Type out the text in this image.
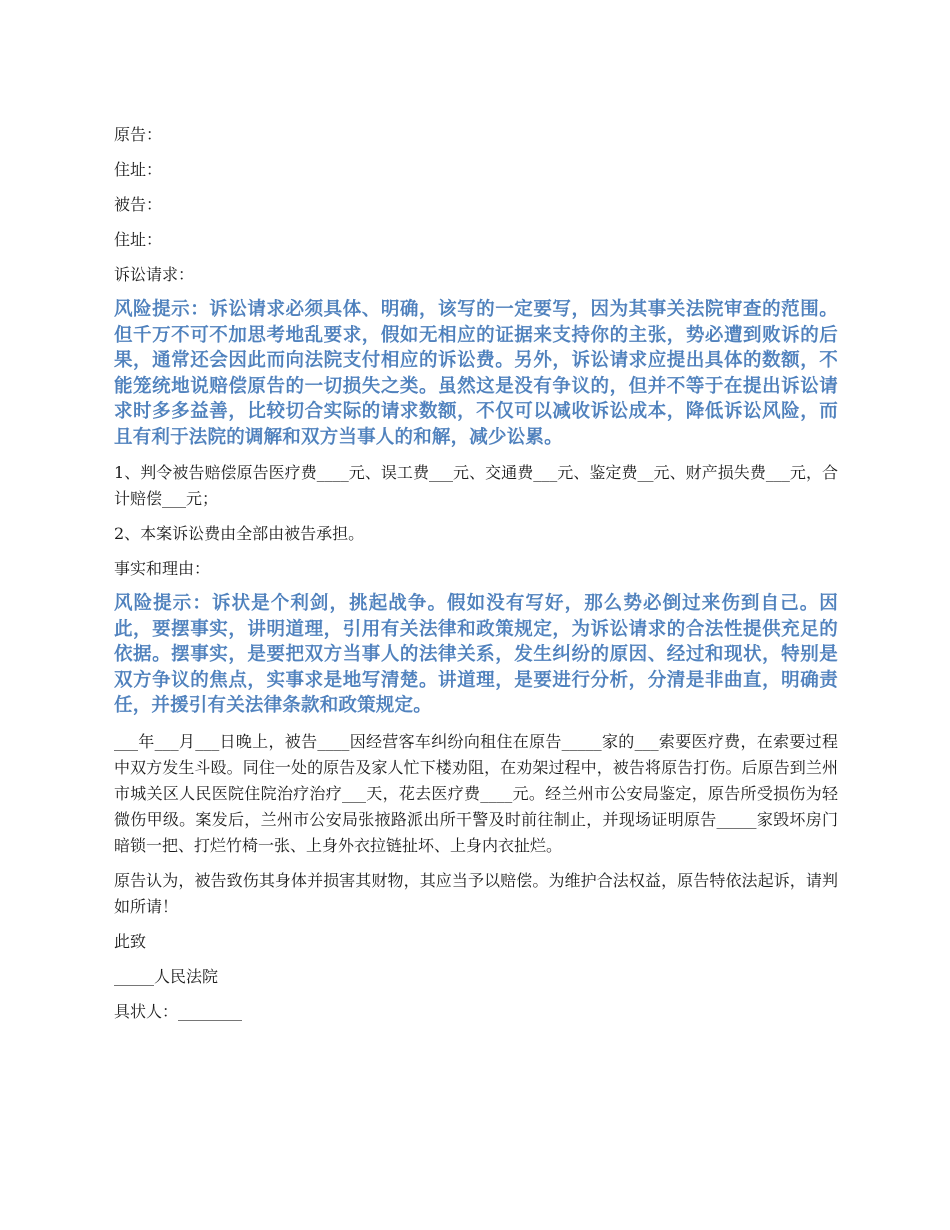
原告：

住址：

被告：

住址：

诉讼请求：

风险提示：诉讼请求必须具体、明确，该写的一定要写，因为其事关法院审查的范围。但千万不可不加思考地乱要求，假如无相应的证据来支持你的主张，势必遭到败诉的后果，通常还会因此而向法院支付相应的诉讼费。另外，诉讼请求应提出具体的数额，不能笼统地说赔偿原告的一切损失之类。虽然这是没有争议的，但并不等于在提出诉讼请求时多多益善，比较切合实际的请求数额，不仅可以减收诉讼成本，降低诉讼风险，而且有利于法院的调解和双方当事人的和解，减少讼累。

1、判令被告赔偿原告医疗费____元、误工费___元、交通费___元、鉴定费__元、财产损失费___元，合计赔偿___元；

2、本案诉讼费由全部由被告承担。

事实和理由：

风险提示：诉状是个利剑，挑起战争。假如没有写好，那么势必倒过来伤到自己。因此，要摆事实，讲明道理，引用有关法律和政策规定，为诉讼请求的合法性提供充足的依据。摆事实，是要把双方当事人的法律关系，发生纠纷的原因、经过和现状，特别是双方争议的焦点，实事求是地写清楚。讲道理，是要进行分析，分清是非曲直，明确责任，并援引有关法律条款和政策规定。

___年___月___日晚上，被告____因经营客车纠纷向租住在原告_____家的___索要医疗费，在索要过程中双方发生斗殴。同住一处的原告及家人忙下楼劝阻，在劝架过程中，被告将原告打伤。后原告到兰州市城关区人民医院住院治疗治疗___天，花去医疗费____元。经兰州市公安局鉴定，原告所受损伤为轻微伤甲级。案发后，兰州市公安局张掖路派出所干警及时前往制止，并现场证明原告_____家毁坏房门暗锁一把、打烂竹椅一张、上身外衣拉链扯坏、上身内衣扯烂。

原告认为，被告致伤其身体并损害其财物，其应当予以赔偿。为维护合法权益，原告特依法起诉，请判如所请！

此致

_____人民法院

具状人：________
